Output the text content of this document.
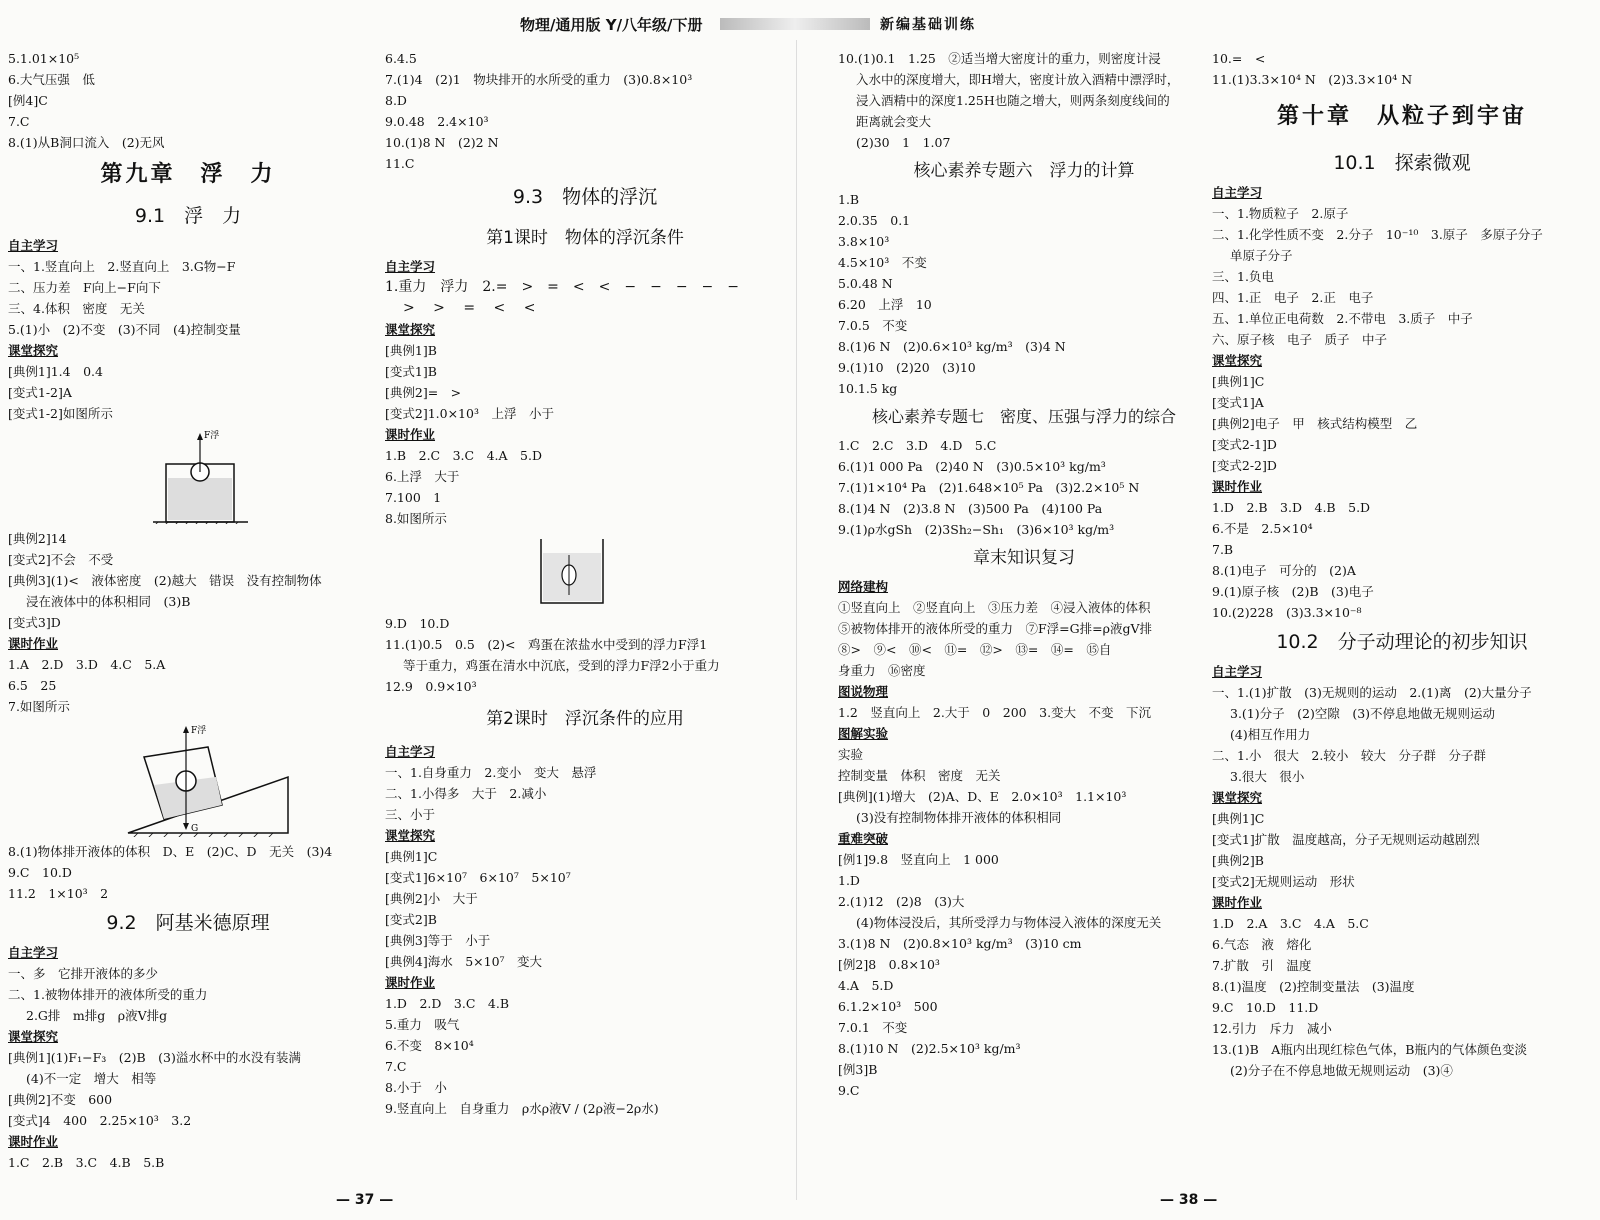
物理/通用版 Y/八年级/下册	新编基础训练
5.1.01×10⁵
6.大气压强　低
[例4]C
7.C
8.(1)从B洞口流入　(2)无风
第九章　浮　力
9.1　浮　力
自主学习
一、1.竖直向上　2.竖直向上　3.G物−F
二、压力差　F向上−F向下
三、4.体积　密度　无关
5.(1)小　(2)不变　(3)不同　(4)控制变量
课堂探究
[典例1]1.4　0.4
[变式1-2]A
[变式1-2]如图所示
F浮
[典例2]14
[变式2]不会　不受
[典例3](1)<　液体密度　(2)越大　错误　没有控制物体
浸在液体中的体积相同　(3)B
[变式3]D
课时作业
1.A　2.D　3.D　4.C　5.A
6.5　25
7.如图所示
F浮
G
8.(1)物体排开液体的体积　D、E　(2)C、D　无关　(3)4
9.C　10.D
11.2　1×10³　2
9.2　阿基米德原理
自主学习
一、多　它排开液体的多少
二、1.被物体排开的液体所受的重力
2.G排　m排g　ρ液V排g
课堂探究
[典例1](1)F₁−F₃　(2)B　(3)溢水杯中的水没有装满
(4)不一定　增大　相等
[典例2]不变　600
[变式]4　400　2.25×10³　3.2
课时作业
1.C　2.B　3.C　4.B　5.B
6.4.5
7.(1)4　(2)1　物块排开的水所受的重力　(3)0.8×10³
8.D
9.0.48　2.4×10³
10.(1)8 N　(2)2 N
11.C
9.3　物体的浮沉
第1课时　物体的浮沉条件
自主学习
1.重力　浮力　2.=　>　=　<　<　−　−　−　−　−
> 　> 　= 　< 　<
课堂探究
[典例1]B
[变式1]B
[典例2]=　>
[变式2]1.0×10³　上浮　小于
课时作业
1.B　2.C　3.C　4.A　5.D
6.上浮　大于
7.100　1
8.如图所示
9.D　10.D
11.(1)0.5　0.5　(2)<　鸡蛋在浓盐水中受到的浮力F浮1
等于重力，鸡蛋在清水中沉底，受到的浮力F浮2小于重力
12.9　0.9×10³
第2课时　浮沉条件的应用
自主学习
一、1.自身重力　2.变小　变大　悬浮
二、1.小得多　大于　2.减小
三、小于
课堂探究
[典例1]C
[变式1]6×10⁷　6×10⁷　5×10⁷
[典例2]小　大于
[变式2]B
[典例3]等于　小于
[典例4]海水　5×10⁷　变大
课时作业
1.D　2.D　3.C　4.B
5.重力　吸气
6.不变　8×10⁴
7.C
8.小于　小
9.竖直向上　自身重力　ρ水ρ液V / (2ρ液−2ρ水)
10.(1)0.1　1.25　②适当增大密度计的重力，则密度计浸
入水中的深度增大，即H增大，密度计放入酒精中漂浮时，
浸入酒精中的深度1.25H也随之增大，则两条刻度线间的
距离就会变大
(2)30　1　1.07
核心素养专题六　浮力的计算
1.B
2.0.35　0.1
3.8×10³
4.5×10³　不变
5.0.48 N
6.20　上浮　10
7.0.5　不变
8.(1)6 N　(2)0.6×10³ kg/m³　(3)4 N
9.(1)10　(2)20　(3)10
10.1.5 kg
核心素养专题七　密度、压强与浮力的综合
1.C　2.C　3.D　4.D　5.C
6.(1)1 000 Pa　(2)40 N　(3)0.5×10³ kg/m³
7.(1)1×10⁴ Pa　(2)1.648×10⁵ Pa　(3)2.2×10⁵ N
8.(1)4 N　(2)3.8 N　(3)500 Pa　(4)100 Pa
9.(1)ρ水gSh　(2)3Sh₂−Sh₁　(3)6×10³ kg/m³
章末知识复习
网络建构
①竖直向上　②竖直向上　③压力差　④浸入液体的体积
⑤被物体排开的液体所受的重力　⑦F浮=G排=ρ液gV排
⑧>　⑨<　⑩<　⑪=　⑫>　⑬=　⑭=　⑮自
身重力　⑯密度
图说物理
1.2　竖直向上　2.大于　0　200　3.变大　不变　下沉
图解实验
实验
控制变量　体积　密度　无关
[典例](1)增大　(2)A、D、E　2.0×10³　1.1×10³
(3)没有控制物体排开液体的体积相同
重难突破
[例1]9.8　竖直向上　1 000
1.D
2.(1)12　(2)8　(3)大
(4)物体浸没后，其所受浮力与物体浸入液体的深度无关
3.(1)8 N　(2)0.8×10³ kg/m³　(3)10 cm
[例2]8　0.8×10³
4.A　5.D
6.1.2×10³　500
7.0.1　不变
8.(1)10 N　(2)2.5×10³ kg/m³
[例3]B
9.C
10.=　<
11.(1)3.3×10⁴ N　(2)3.3×10⁴ N
第十章　从粒子到宇宙
10.1　探索微观
自主学习
一、1.物质粒子　2.原子
二、1.化学性质不变　2.分子　10⁻¹⁰　3.原子　多原子分子
单原子分子
三、1.负电
四、1.正　电子　2.正　电子
五、1.单位正电荷数　2.不带电　3.质子　中子
六、原子核　电子　质子　中子
课堂探究
[典例1]C
[变式1]A
[典例2]电子　甲　核式结构模型　乙
[变式2-1]D
[变式2-2]D
课时作业
1.D　2.B　3.D　4.B　5.D
6.不是　2.5×10⁴
7.B
8.(1)电子　可分的　(2)A
9.(1)原子核　(2)B　(3)电子
10.(2)228　(3)3.3×10⁻⁸
10.2　分子动理论的初步知识
自主学习
一、1.(1)扩散　(3)无规则的运动　2.(1)离　(2)大量分子
3.(1)分子　(2)空隙　(3)不停息地做无规则运动
(4)相互作用力
二、1.小　很大　2.较小　较大　分子群　分子群
3.很大　很小
课堂探究
[典例1]C
[变式1]扩散　温度越高，分子无规则运动越剧烈
[典例2]B
[变式2]无规则运动　形状
课时作业
1.D　2.A　3.C　4.A　5.C
6.气态　液　熔化
7.扩散　引　温度
8.(1)温度　(2)控制变量法　(3)温度
9.C　10.D　11.D
12.引力　斥力　减小
13.(1)B　A瓶内出现红棕色气体，B瓶内的气体颜色变淡
(2)分子在不停息地做无规则运动　(3)④
— 37 —	— 38 —
